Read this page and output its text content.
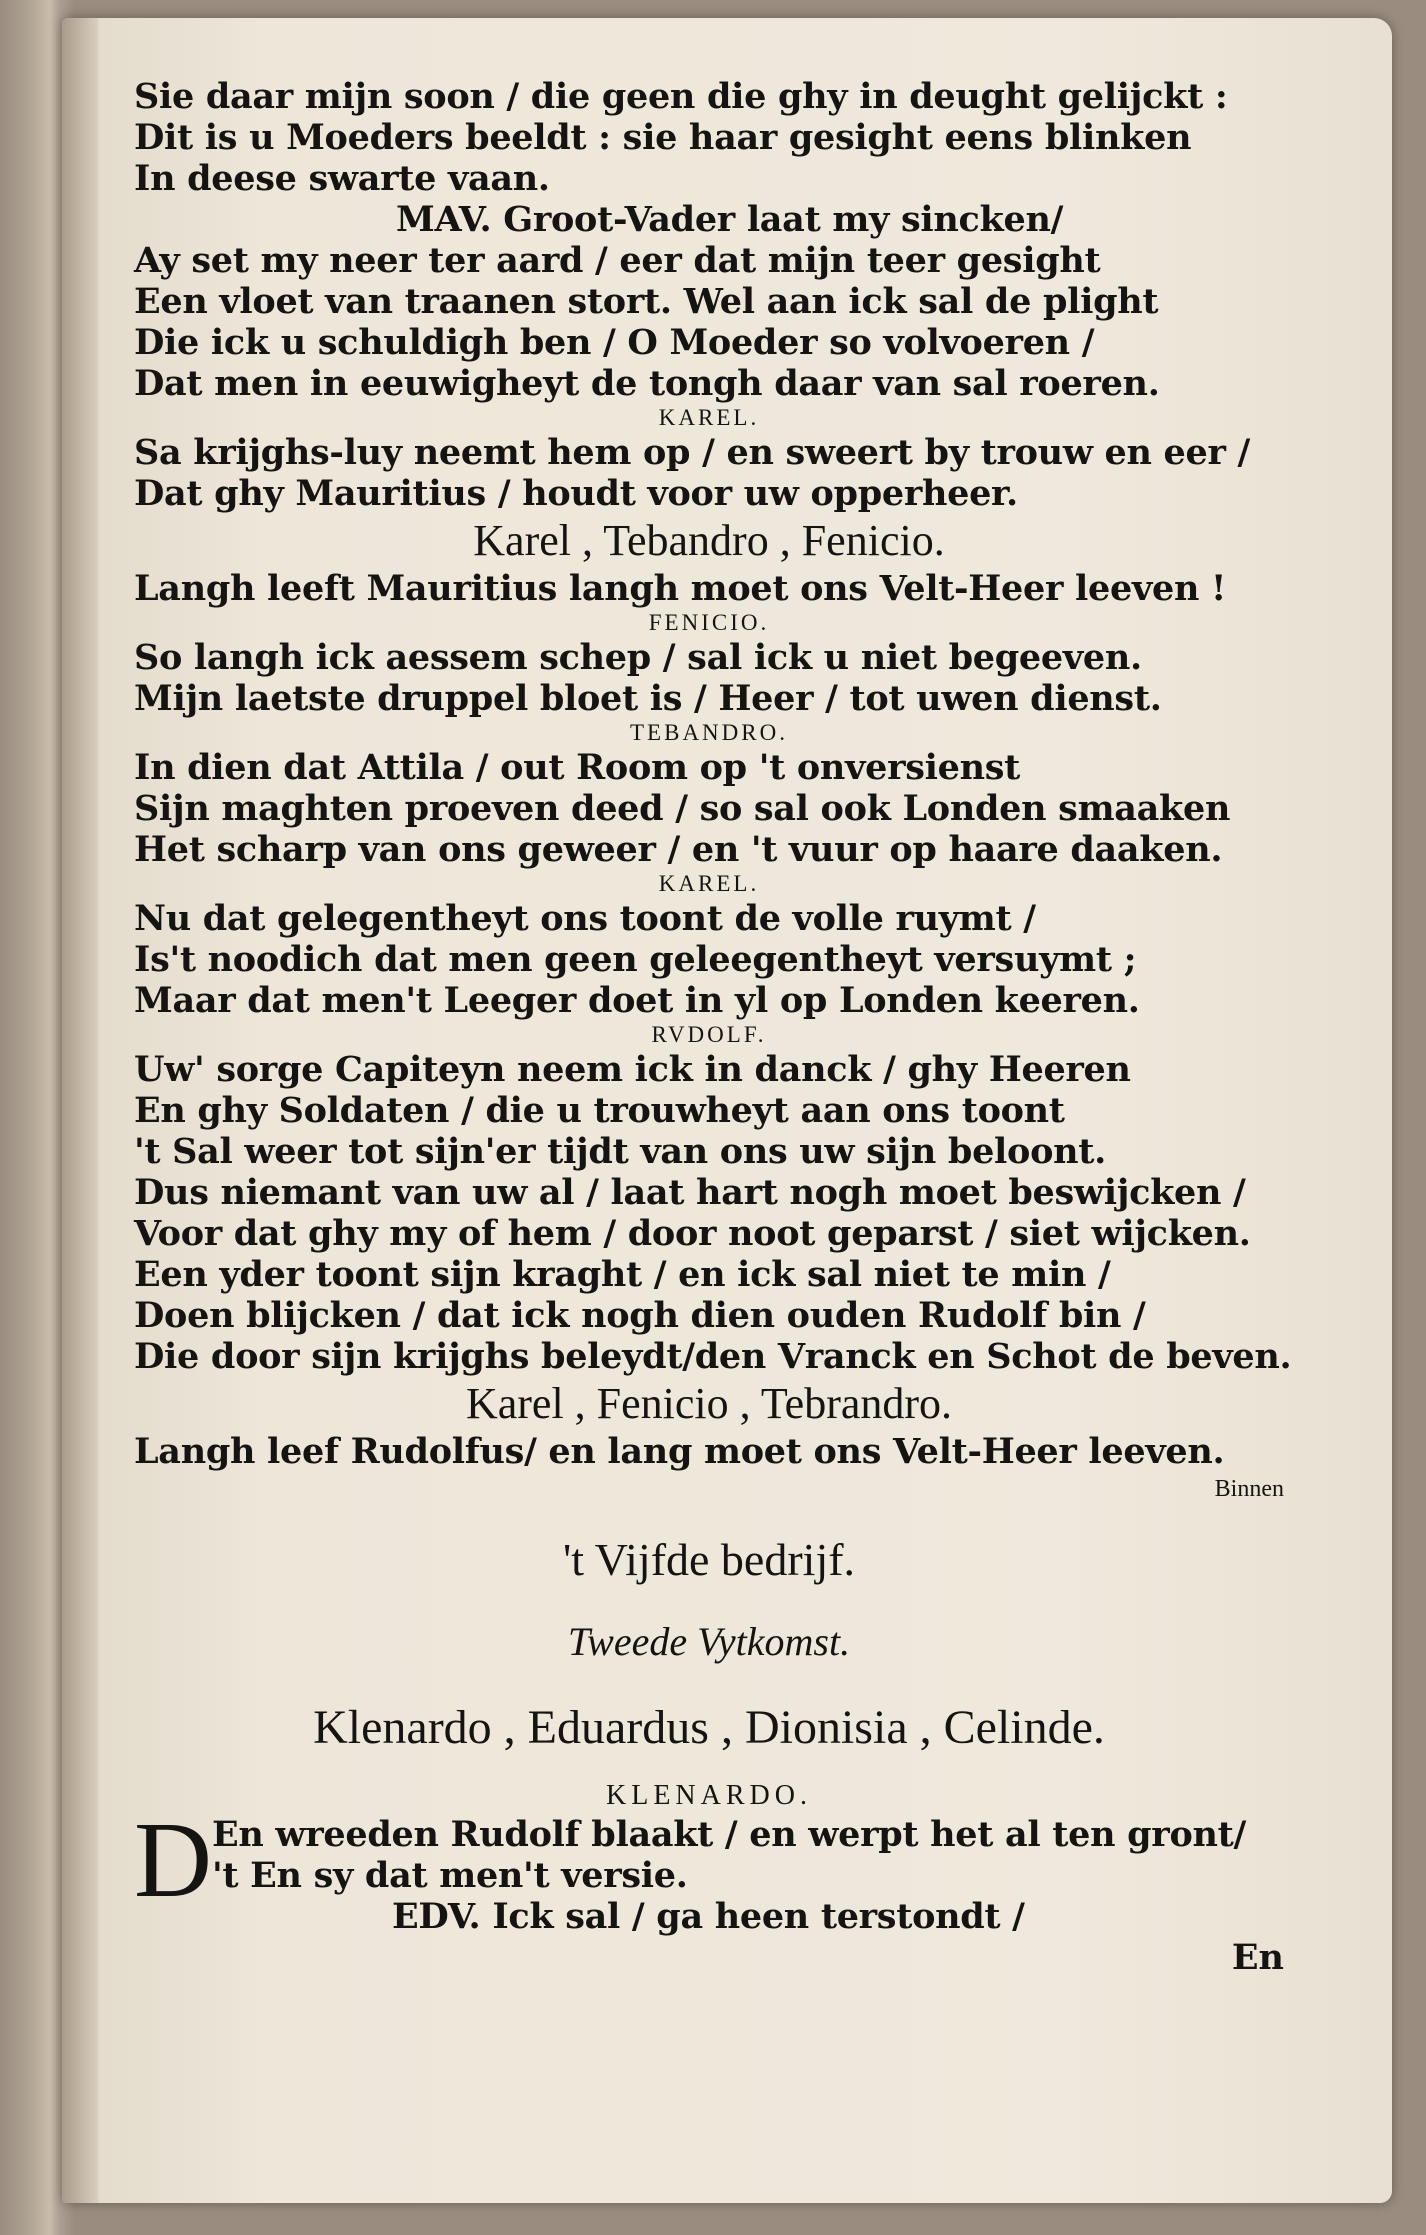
Sie daar mijn soon / die geen die ghy in deught gelijckt :
Dit is u Moeders beeldt : sie haar gesight eens blinken
In deese swarte vaan.
MAV. Groot-Vader laat my sincken/
Ay set my neer ter aard / eer dat mijn teer gesight
Een vloet van traanen stort. Wel aan ick sal de plight
Die ick u schuldigh ben / O Moeder so volvoeren /
Dat men in eeuwigheyt de tongh daar van sal roeren.
KAREL.
Sa krijghs-luy neemt hem op / en sweert by trouw en eer /
Dat ghy Mauritius / houdt voor uw opperheer.
Karel , Tebandro , Fenicio.
Langh leeft Mauritius langh moet ons Velt-Heer leeven !
FENICIO.
So langh ick aessem schep / sal ick u niet begeeven.
Mijn laetste druppel bloet is / Heer / tot uwen dienst.
TEBANDRO.
In dien dat Attila / out Room op 't onversienst
Sijn maghten proeven deed / so sal ook Londen smaaken
Het scharp van ons geweer / en 't vuur op haare daaken.
KAREL.
Nu dat gelegentheyt ons toont de volle ruymt /
Is't noodich dat men geen geleegentheyt versuymt ;
Maar dat men't Leeger doet in yl op Londen keeren.
RVDOLF.
Uw' sorge Capiteyn neem ick in danck / ghy Heeren
En ghy Soldaten / die u trouwheyt aan ons toont
't Sal weer tot sijn'er tijdt van ons uw sijn beloont.
Dus niemant van uw al / laat hart nogh moet beswijcken /
Voor dat ghy my of hem / door noot geparst / siet wijcken.
Een yder toont sijn kraght / en ick sal niet te min /
Doen blijcken / dat ick nogh dien ouden Rudolf bin /
Die door sijn krijghs beleydt/den Vranck en Schot de beven.
Karel , Fenicio , Tebrandro.
Langh leef Rudolfus/ en lang moet ons Velt-Heer leeven.
Binnen
't Vijfde bedrijf.
Tweede Vytkomst.
Klenardo , Eduardus , Dionisia , Celinde.
KLENARDO.
D En wreeden Rudolf blaakt / en werpt het al ten gront/
't En sy dat men't versie.
EDV. Ick sal / ga heen terstondt /
En
